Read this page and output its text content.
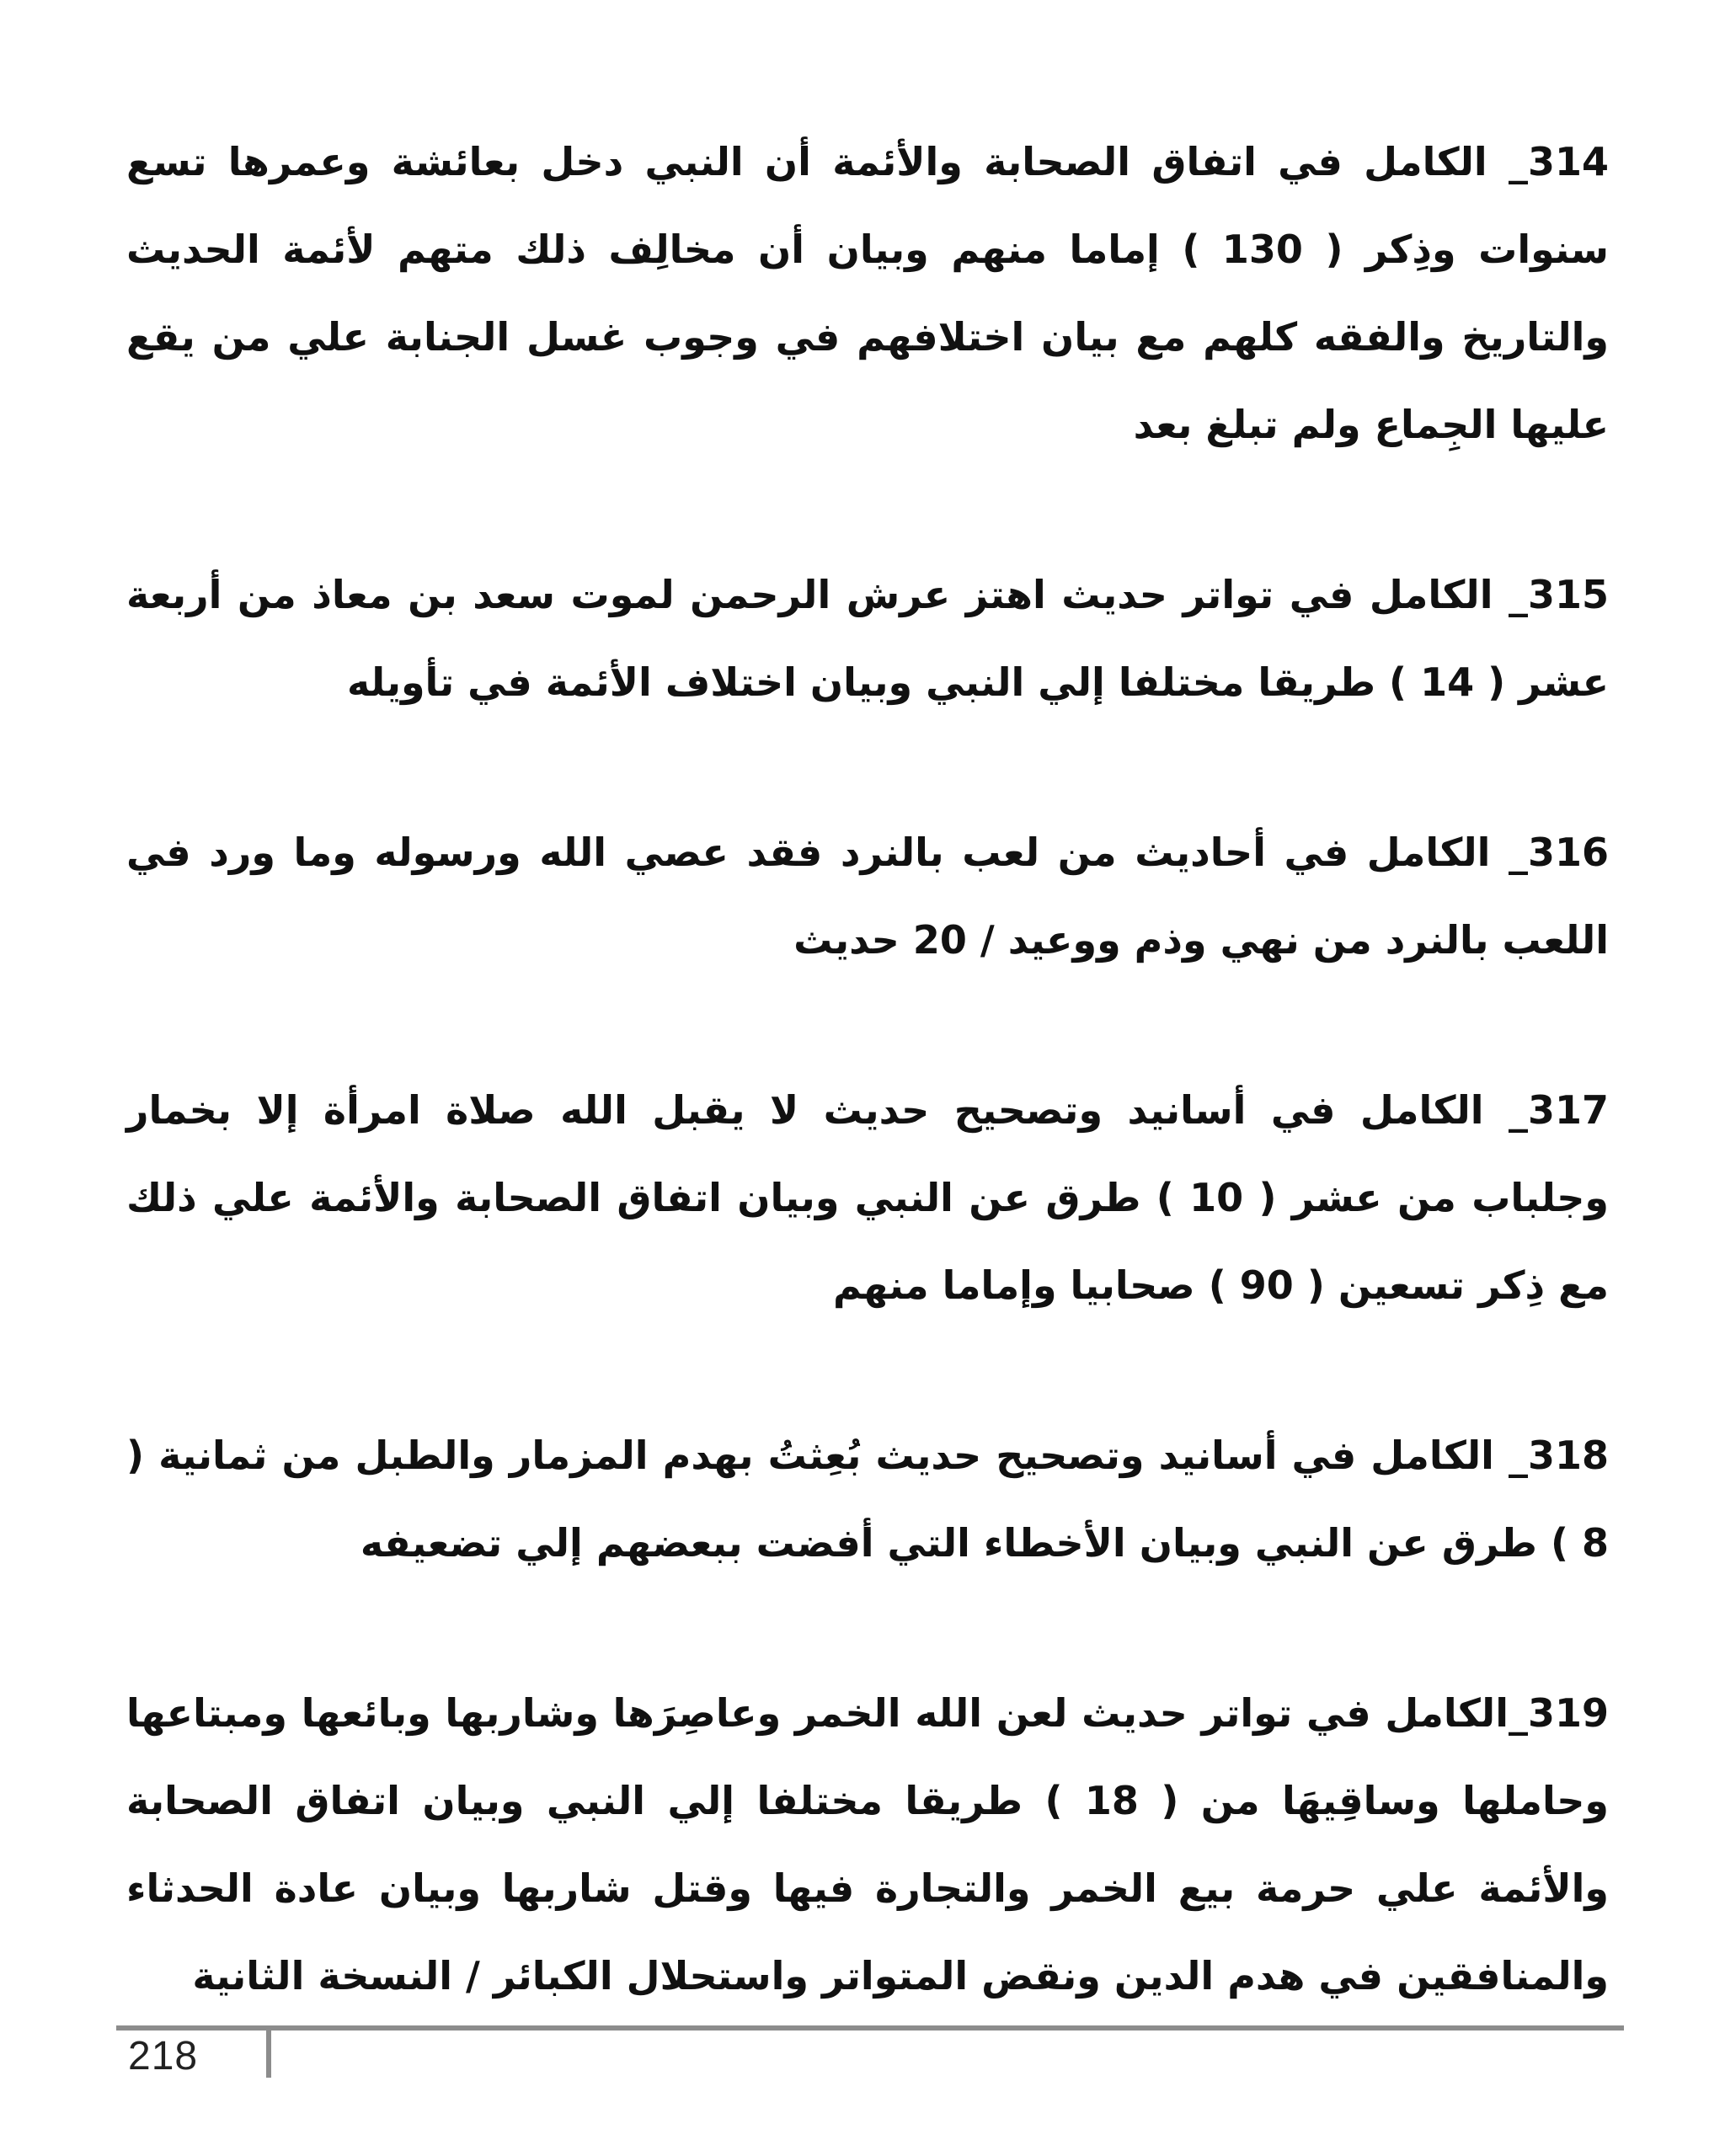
314_ الكامل في اتفاق الصحابة والأئمة أن النبي دخل بعائشة وعمرها تسع سنوات وذِكر ( 130 ) إماما منهم وبيان أن مخالِف ذلك متهم لأئمة الحديث والتاريخ والفقه كلهم مع بيان اختلافهم في وجوب غسل الجنابة علي من يقع عليها الجِماع ولم تبلغ بعد

315_ الكامل في تواتر حديث اهتز عرش الرحمن لموت سعد بن معاذ من أربعة عشر ( 14 ) طريقا مختلفا إلي النبي وبيان اختلاف الأئمة في تأويله

316_ الكامل في أحاديث من لعب بالنرد فقد عصي الله ورسوله وما ورد في اللعب بالنرد من نهي وذم ووعيد / 20 حديث

317_ الكامل في أسانيد وتصحيح حديث لا يقبل الله صلاة امرأة إلا بخمار وجلباب من عشر ( 10 ) طرق عن النبي وبيان اتفاق الصحابة والأئمة علي ذلك مع ذِكر تسعين ( 90 ) صحابيا وإماما منهم

318_ الكامل في أسانيد وتصحيح حديث بُعِثتُ بهدم المزمار والطبل من ثمانية ( 8 ) طرق عن النبي وبيان الأخطاء التي أفضت ببعضهم إلي تضعيفه

319_الكامل في تواتر حديث لعن الله الخمر وعاصِرَها وشاربها وبائعها ومبتاعها وحاملها وساقِيهَا من ( 18 ) طريقا مختلفا إلي النبي وبيان اتفاق الصحابة والأئمة علي حرمة بيع الخمر والتجارة فيها وقتل شاربها وبيان عادة الحدثاء والمنافقين في هدم الدين ونقض المتواتر واستحلال الكبائر / النسخة الثانية

218
